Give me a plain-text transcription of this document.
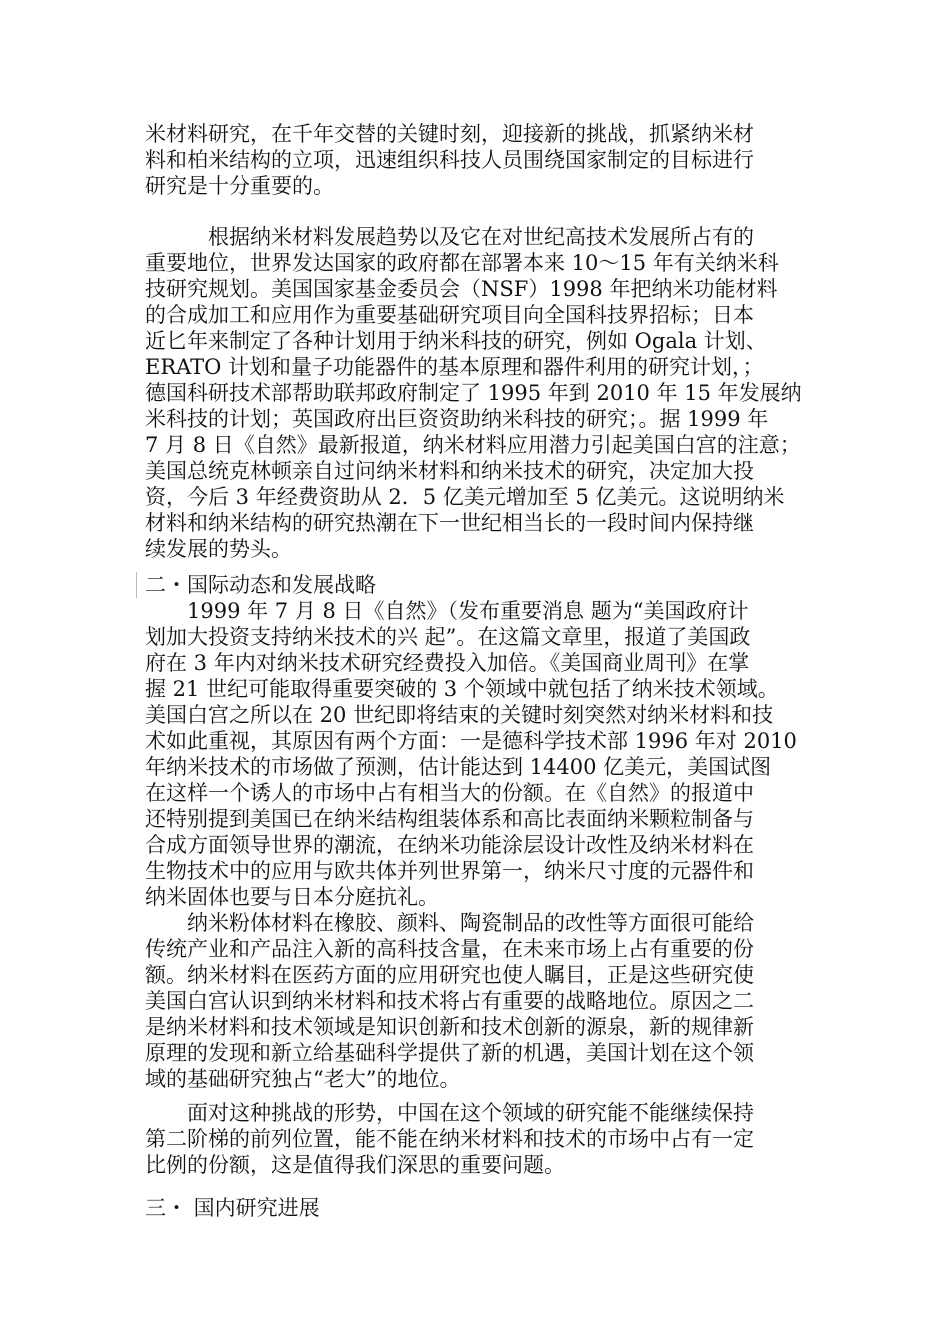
米材料研究，在千年交替的关键时刻，迎接新的挑战，抓紧纳米材
料和柏米结构的立项，迅速组织科技人员围绕国家制定的目标进行
研究是十分重要的。
　　　根据纳米材料发展趋势以及它在对世纪高技术发展所占有的
重要地位，世界发达国家的政府都在部署本来 10～15 年有关纳米科
技研究规划。美国国家基金委员会（NSF）1998 年把纳米功能材料
的合成加工和应用作为重要基础研究项目向全国科技界招标；日本
近匕年来制定了各种计划用于纳米科技的研究，例如 Ogala 计划、
ERATO 计划和量子功能器件的基本原理和器件利用的研究计划，；
德国科研技术部帮助联邦政府制定了 1995 年到 2010 年 15 年发展纳
米科技的计划；英国政府出巨资资助纳米科技的研究；。据 1999 年
7 月 8 日《自然》最新报道，纳米材料应用潜力引起美国白宫的注意；
美国总统克林顿亲自过问纳米材料和纳米技术的研究，决定加大投
资，今后 3 年经费资助从 2．5 亿美元增加至 5 亿美元。这说明纳米
材料和纳米结构的研究热潮在下一世纪相当长的一段时间内保持继
续发展的势头。
二・国际动态和发展战略
　　1999 年 7 月 8 日《自然》（发布重要消息 题为“美国政府计
划加大投资支持纳米技术的兴 起”。在这篇文章里，报道了美国政
府在 3 年内对纳米技术研究经费投入加倍。《美国商业周刊》在掌
握 21 世纪可能取得重要突破的 3 个领域中就包括了纳米技术领域。
美国白宫之所以在 20 世纪即将结束的关键时刻突然对纳米材料和技
术如此重视，其原因有两个方面：一是德科学技术部 1996 年对 2010
年纳米技术的市场做了预测，估计能达到 14400 亿美元，美国试图
在这样一个诱人的市场中占有相当大的份额。在《自然》的报道中
还特别提到美国已在纳米结构组装体系和高比表面纳米颗粒制备与
合成方面领导世界的潮流，在纳米功能涂层设计改性及纳米材料在
生物技术中的应用与欧共体并列世界第一，纳米尺寸度的元器件和
纳米固体也要与日本分庭抗礼。
　　纳米粉体材料在橡胶、颜料、陶瓷制品的改性等方面很可能给
传统产业和产品注入新的高科技含量，在未来市场上占有重要的份
额。纳米材料在医药方面的应用研究也使人瞩目，正是这些研究使
美国白宫认识到纳米材料和技术将占有重要的战略地位。原因之二
是纳米材料和技术领域是知识创新和技术创新的源泉，新的规律新
原理的发现和新立给基础科学提供了新的机遇，美国计划在这个领
域的基础研究独占“老大”的地位。
　　面对这种挑战的形势，中国在这个领域的研究能不能继续保持
第二阶梯的前列位置，能不能在纳米材料和技术的市场中占有一定
比例的份额，这是值得我们深思的重要问题。
三・ 国内研究进展
